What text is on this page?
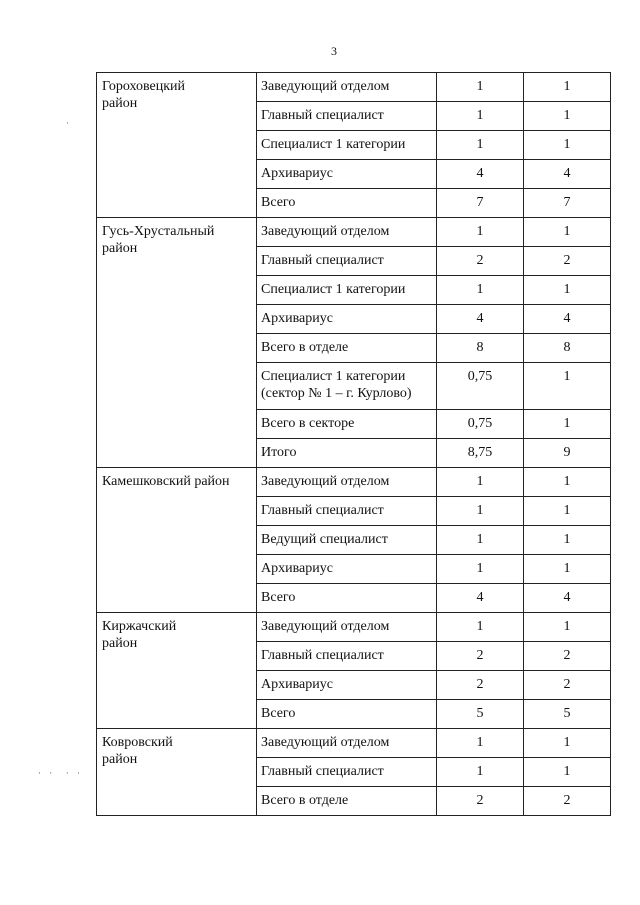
3
Гороховецкий
район	Заведующий отделом	1	1
	Главный специалист	1	1
	Специалист 1 категории	1	1
	Архивариус	4	4
	Всего	7	7
Гусь-Хрустальный
район	Заведующий отделом	1	1
	Главный специалист	2	2
	Специалист 1 категории	1	1
	Архивариус	4	4
	Всего в отделе	8	8
	Специалист 1 категории
(сектор № 1 – г. Курлово)	0,75	1
	Всего в секторе	0,75	1
	Итого	8,75	9
Камешковский район	Заведующий отделом	1	1
	Главный специалист	1	1
	Ведущий специалист	1	1
	Архивариус	1	1
	Всего	4	4
Киржачский
район	Заведующий отделом	1	1
	Главный специалист	2	2
	Архивариус	2	2
	Всего	5	5
Ковровский
район	Заведующий отделом	1	1
	Главный специалист	1	1
	Всего в отделе	2	2
·
· ·  · ·
